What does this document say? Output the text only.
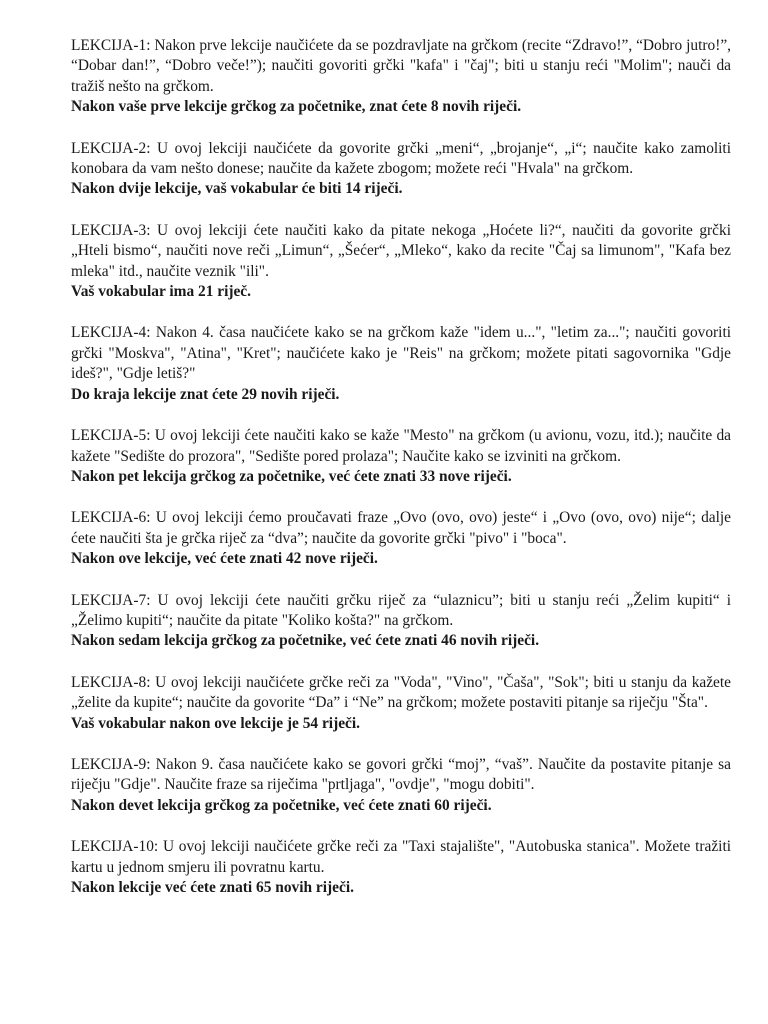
LEKCIJA-1: Nakon prve lekcije naučićete da se pozdravljate na grčkom (recite “Zdravo!”, “Dobro jutro!”, “Dobar dan!”, “Dobro veče!”); naučiti govoriti grčki "kafa" i "čaj"; biti u stanju reći "Molim"; nauči da tražiš nešto na grčkom.

Nakon vaše prve lekcije grčkog za početnike, znat ćete 8 novih riječi.

LEKCIJA-2: U ovoj lekciji naučićete da govorite grčki „meni“, „brojanje“, „i“; naučite kako zamoliti konobara da vam nešto donese; naučite da kažete zbogom; možete reći "Hvala" na grčkom.

Nakon dvije lekcije, vaš vokabular će biti 14 riječi.

LEKCIJA-3: U ovoj lekciji ćete naučiti kako da pitate nekoga „Hoćete li?“, naučiti da govorite grčki „Hteli bismo“, naučiti nove reči „Limun“, „Šećer“, „Mleko“, kako da recite "Čaj sa limunom", "Kafa bez mleka" itd., naučite veznik "ili".

Vaš vokabular ima 21 riječ.

LEKCIJA-4: Nakon 4. časa naučićete kako se na grčkom kaže "idem u...", "letim za..."; naučiti govoriti grčki "Moskva", "Atina", "Kret"; naučićete kako je "Reis" na grčkom; možete pitati sagovornika "Gdje ideš?", "Gdje letiš?"

Do kraja lekcije znat ćete 29 novih riječi.

LEKCIJA-5: U ovoj lekciji ćete naučiti kako se kaže "Mesto" na grčkom (u avionu, vozu, itd.); naučite da kažete "Sedište do prozora", "Sedište pored prolaza"; Naučite kako se izviniti na grčkom.

Nakon pet lekcija grčkog za početnike, već ćete znati 33 nove riječi.

LEKCIJA-6: U ovoj lekciji ćemo proučavati fraze „Ovo (ovo, ovo) jeste“ i „Ovo (ovo, ovo) nije“; dalje ćete naučiti šta je grčka riječ za “dva”; naučite da govorite grčki "pivo" i "boca".

Nakon ove lekcije, već ćete znati 42 nove riječi.

LEKCIJA-7: U ovoj lekciji ćete naučiti grčku riječ za “ulaznicu”; biti u stanju reći „Želim kupiti“ i „Želimo kupiti“; naučite da pitate "Koliko košta?" na grčkom.

Nakon sedam lekcija grčkog za početnike, već ćete znati 46 novih riječi.

LEKCIJA-8: U ovoj lekciji naučićete grčke reči za "Voda", "Vino", "Čaša", "Sok"; biti u stanju da kažete „želite da kupite“; naučite da govorite “Da” i “Ne” na grčkom; možete postaviti pitanje sa riječju "Šta".

Vaš vokabular nakon ove lekcije je 54 riječi.

LEKCIJA-9: Nakon 9. časa naučićete kako se govori grčki “moj”, “vaš”. Naučite da postavite pitanje sa riječju "Gdje". Naučite fraze sa riječima "prtljaga", "ovdje", "mogu dobiti".

Nakon devet lekcija grčkog za početnike, već ćete znati 60 riječi.

LEKCIJA-10: U ovoj lekciji naučićete grčke reči za "Taxi stajalište", "Autobuska stanica". Možete tražiti kartu u jednom smjeru ili povratnu kartu.

Nakon lekcije već ćete znati 65 novih riječi.
